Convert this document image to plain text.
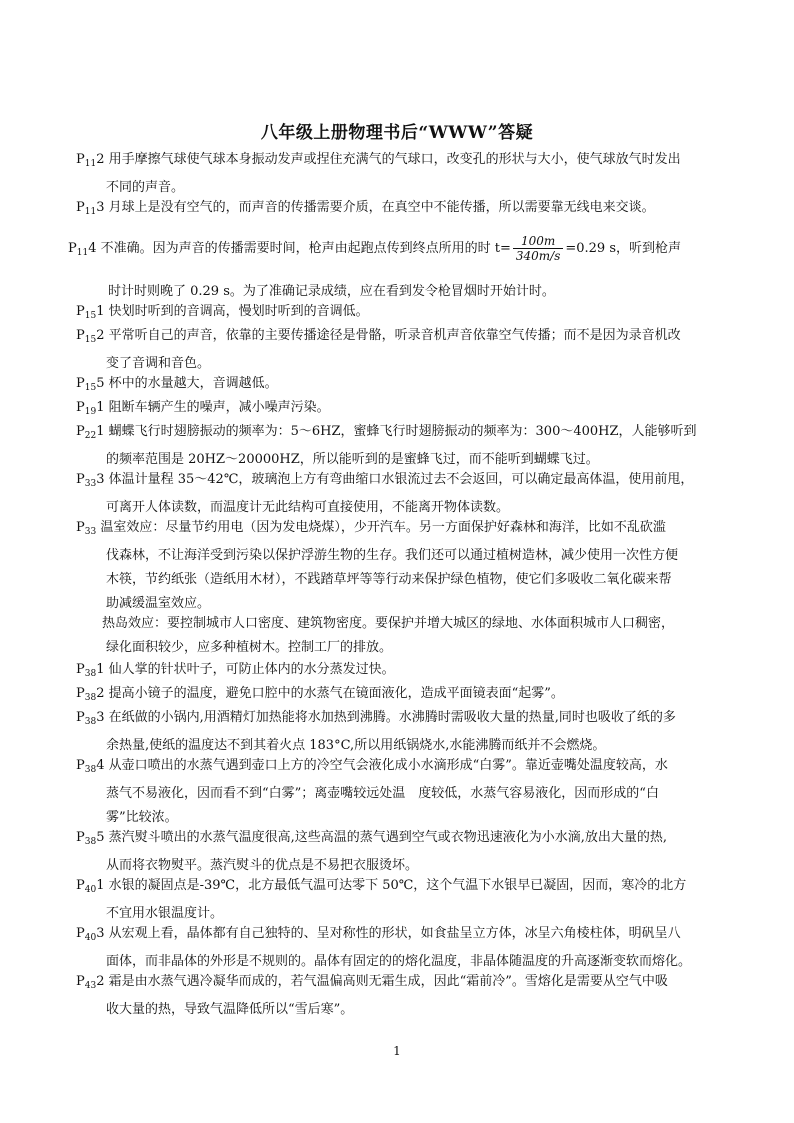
八年级上册物理书后“WWW”答疑
$P_{11}2$ 用手摩擦气球使气球本身振动发声或捏住充满气的气球口，改变孔的形状与大小，使气球放气时发出
不同的声音。
$P_{11}3$ 月球上是没有空气的，而声音的传播需要介质，在真空中不能传播，所以需要靠无线电来交谈。
$P_{11}4$ 不准确。因为声音的传播需要时间，枪声由起跑点传到终点所用的时 $t= \frac{100m}{340m/s} =0.29$ s，听到枪声
时计时则晚了 0.29 s。为了准确记录成绩，应在看到发令枪冒烟时开始计时。
$P_{15}1$ 快划时听到的音调高，慢划时听到的音调低。
$P_{15}2$ 平常听自己的声音，依靠的主要传播途径是骨骼，听录音机声音依靠空气传播；而不是因为录音机改
变了音调和音色。
$P_{15}5$ 杯中的水量越大，音调越低。
$P_{19}1$ 阻断车辆产生的噪声，减小噪声污染。
$P_{22}1$ 蝴蝶飞行时翅膀振动的频率为：5～6HZ，蜜蜂飞行时翅膀振动的频率为：300～400HZ，人能够听到
的频率范围是 20HZ～20000HZ，所以能听到的是蜜蜂飞过，而不能听到蝴蝶飞过。
$P_{33}3$ 体温计量程 35～42℃，玻璃泡上方有弯曲缩口水银流过去不会返回，可以确定最高体温，使用前甩，
可离开人体读数，而温度计无此结构可直接使用，不能离开物体读数。
$P_{33}$ 温室效应：尽量节约用电（因为发电烧煤），少开汽车。另一方面保护好森林和海洋，比如不乱砍滥
伐森林，不让海洋受到污染以保护浮游生物的生存。我们还可以通过植树造林，减少使用一次性方便
木筷，节约纸张（造纸用木材），不践踏草坪等等行动来保护绿色植物，使它们多吸收二氧化碳来帮
助减缓温室效应。
热岛效应：要控制城市人口密度、建筑物密度。要保护并增大城区的绿地、水体面积城市人口稠密，
绿化面积较少，应多种植树木。控制工厂的排放。
$P_{38}1$ 仙人掌的针状叶子，可防止体内的水分蒸发过快。
$P_{38}2$ 提高小镜子的温度，避免口腔中的水蒸气在镜面液化，造成平面镜表面“起雾”。
$P_{38}3$ 在纸做的小锅内,用酒精灯加热能将水加热到沸腾。水沸腾时需吸收大量的热量,同时也吸收了纸的多
余热量,使纸的温度达不到其着火点 183°C,所以用纸锅烧水,水能沸腾而纸并不会燃烧。
$P_{38}4$ 从壶口喷出的水蒸气遇到壶口上方的冷空气会液化成小水滴形成“白雾”。靠近壶嘴处温度较高，水
蒸气不易液化，因而看不到“白雾”；离壶嘴较远处温　度较低，水蒸气容易液化，因而形成的“白
雾”比较浓。
$P_{38}5$ 蒸汽熨斗喷出的水蒸气温度很高,这些高温的蒸气遇到空气或衣物迅速液化为小水滴,放出大量的热,
从而将衣物熨平。蒸汽熨斗的优点是不易把衣服烫坏。
$P_{40}1$ 水银的凝固点是-39℃，北方最低气温可达零下 50℃，这个气温下水银早已凝固，因而，寒冷的北方
不宜用水银温度计。
$P_{40}3$ 从宏观上看，晶体都有自己独特的、呈对称性的形状，如食盐呈立方体，冰呈六角棱柱体，明矾呈八
面体，而非晶体的外形是不规则的。晶体有固定的的熔化温度，非晶体随温度的升高逐渐变软而熔化。
$P_{43}2$ 霜是由水蒸气遇冷凝华而成的，若气温偏高则无霜生成，因此“霜前冷”。雪熔化是需要从空气中吸
收大量的热，导致气温降低所以“雪后寒”。
1
